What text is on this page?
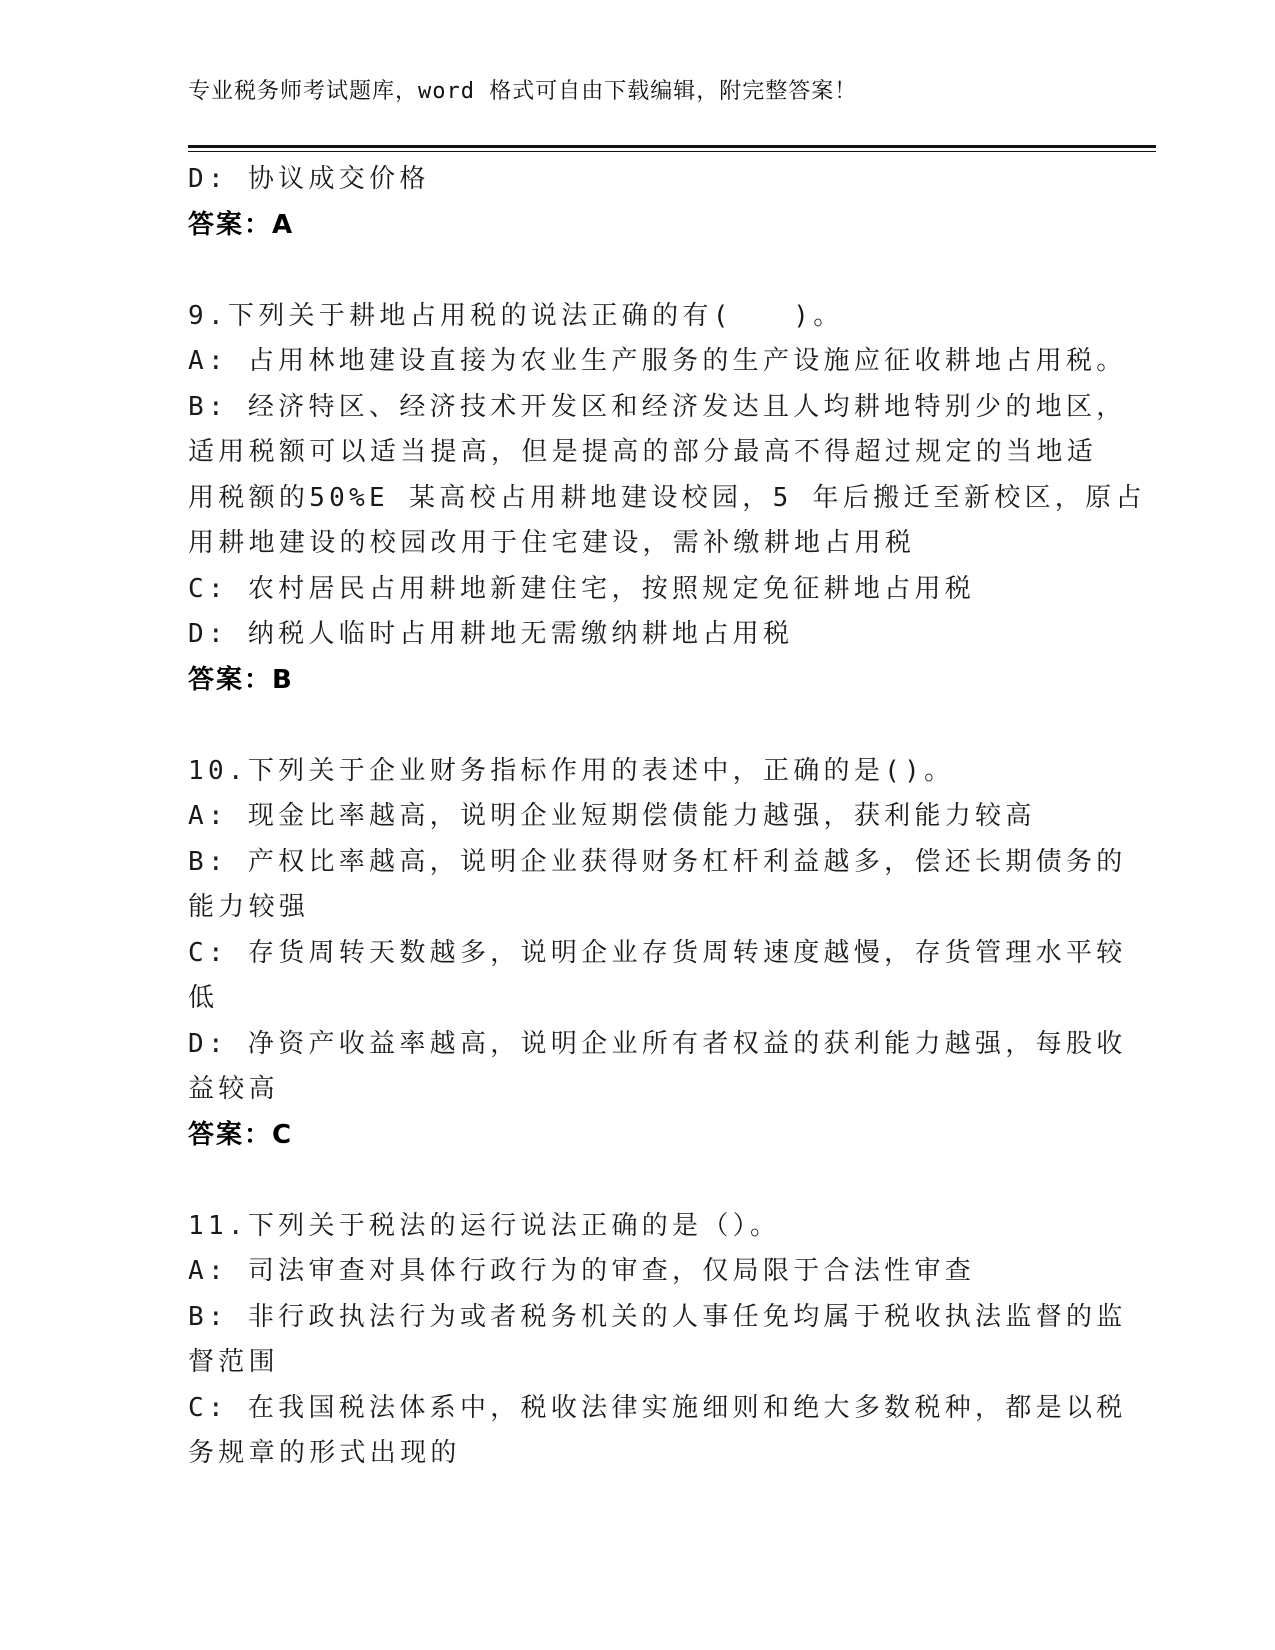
专业税务师考试题库，word 格式可自由下载编辑，附完整答案！
D: 协议成交价格
答案：A
9.下列关于耕地占用税的说法正确的有(　　)。
A: 占用林地建设直接为农业生产服务的生产设施应征收耕地占用税。
B: 经济特区、经济技术开发区和经济发达且人均耕地特别少的地区，
适用税额可以适当提高，但是提高的部分最高不得超过规定的当地适
用税额的50%E 某高校占用耕地建设校园，5 年后搬迁至新校区，原占
用耕地建设的校园改用于住宅建设，需补缴耕地占用税
C: 农村居民占用耕地新建住宅，按照规定免征耕地占用税
D: 纳税人临时占用耕地无需缴纳耕地占用税
答案：B
10.下列关于企业财务指标作用的表述中，正确的是()。
A: 现金比率越高，说明企业短期偿债能力越强，获利能力较高
B: 产权比率越高，说明企业获得财务杠杆利益越多，偿还长期债务的
能力较强
C: 存货周转天数越多，说明企业存货周转速度越慢，存货管理水平较
低
D: 净资产收益率越高，说明企业所有者权益的获利能力越强，每股收
益较高
答案：C
11.下列关于税法的运行说法正确的是（）。
A: 司法审查对具体行政行为的审查，仅局限于合法性审查
B: 非行政执法行为或者税务机关的人事任免均属于税收执法监督的监
督范围
C: 在我国税法体系中，税收法律实施细则和绝大多数税种，都是以税
务规章的形式出现的
